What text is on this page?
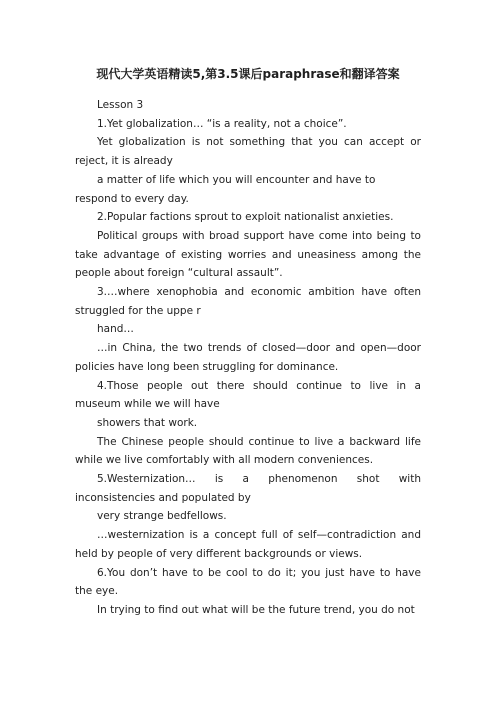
现代大学英语精读5,第3.5课后paraphrase和翻译答案

Lesson 3

1.Yet globalization… “is a reality, not a choice”.

Yet globalization is not something that you can accept or reject, it is already

a matter of life which you will encounter and have to respond to every day.

2.Popular factions sprout to exploit nationalist anxieties.

Political groups with broad support have come into being to take advantage of existing worries and uneasiness among the people about foreign “cultural assault”.

3.…where xenophobia and economic ambition have often struggled for the uppe r

hand…

…in China, the two trends of closed—door and open—door policies have long been struggling for dominance.

4.Those people out there should continue to live in a museum while we will have

showers that work.

The Chinese people should continue to live a backward life while we live comfortably with all modern conveniences.

5.Westernization… is a phenomenon shot with inconsistencies and populated by

very strange bedfellows.

…westernization is a concept full of self—contradiction and held by people of very different backgrounds or views.

6.You don’t have to be cool to do it; you just have to have the eye.

In trying to find out what will be the future trend, you do not
